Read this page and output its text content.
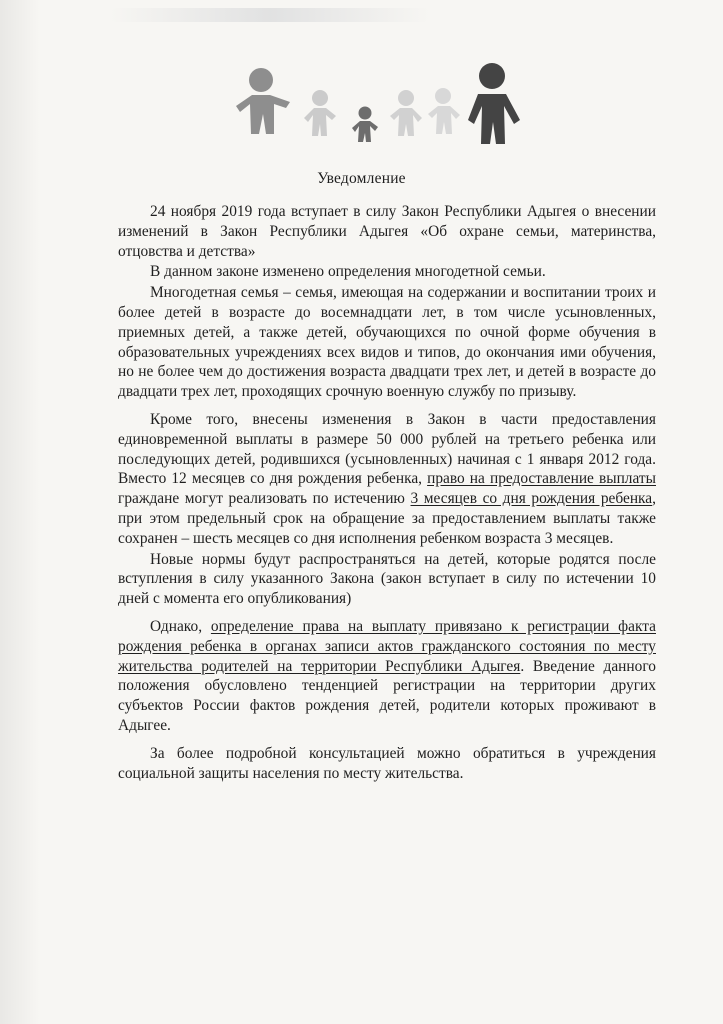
Уведомление

24 ноября 2019 года вступает в силу Закон Республики Адыгея о внесении изменений в Закон Республики Адыгея «Об охране семьи, материнства, отцовства и детства»

В данном законе изменено определения многодетной семьи.

Многодетная семья – семья, имеющая на содержании и воспитании троих и более детей в возрасте до восемнадцати лет, в том числе усыновленных, приемных детей, а также детей, обучающихся по очной форме обучения в образовательных учреждениях всех видов и типов, до окончания ими обучения, но не более чем до достижения возраста двадцати трех лет, и детей в возрасте до двадцати трех лет, проходящих срочную военную службу по призыву.

Кроме того, внесены изменения в Закон в части предоставления единовременной выплаты в размере 50 000 рублей на третьего ребенка или последующих детей, родившихся (усыновленных) начиная с 1 января 2012 года. Вместо 12 месяцев со дня рождения ребенка, право на предоставление выплаты граждане могут реализовать по истечению 3 месяцев со дня рождения ребенка, при этом предельный срок на обращение за предоставлением выплаты также сохранен – шесть месяцев со дня исполнения ребенком возраста 3 месяцев.

Новые нормы будут распространяться на детей, которые родятся после вступления в силу указанного Закона (закон вступает в силу по истечении 10 дней с момента его опубликования)

Однако, определение права на выплату привязано к регистрации факта рождения ребенка в органах записи актов гражданского состояния по месту жительства родителей на территории Республики Адыгея. Введение данного положения обусловлено тенденцией регистрации на территории других субъектов России фактов рождения детей, родители которых проживают в Адыгее.

За более подробной консультацией можно обратиться в учреждения социальной защиты населения по месту жительства.
